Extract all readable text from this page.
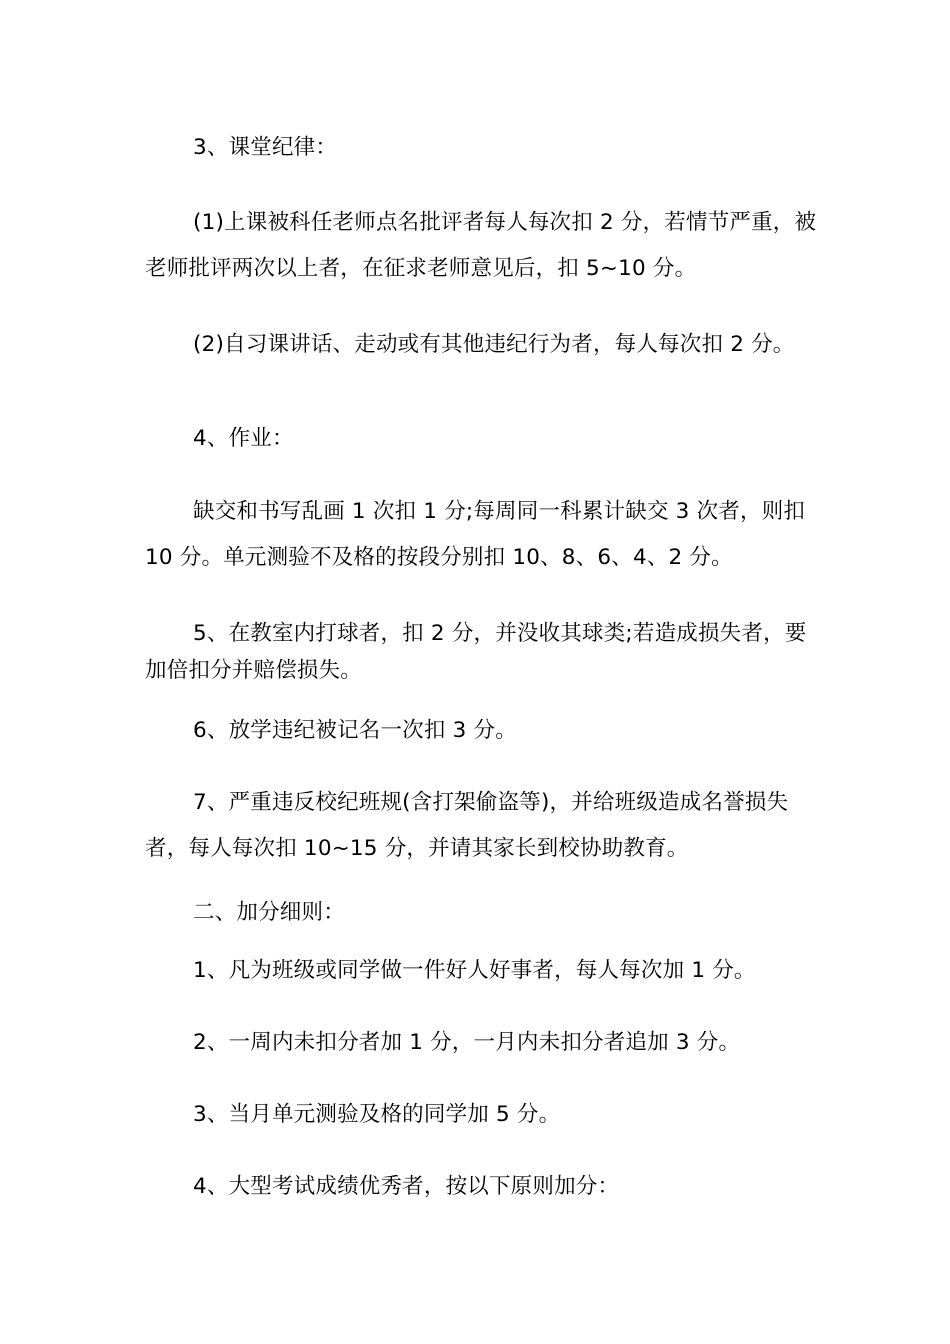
3、课堂纪律：

(1)上课被科任老师点名批评者每人每次扣 2 分，若情节严重，被老师批评两次以上者，在征求老师意见后，扣 5~10 分。

(2)自习课讲话、走动或有其他违纪行为者，每人每次扣 2 分。

4、作业：

缺交和书写乱画 1 次扣 1 分;每周同一科累计缺交 3 次者，则扣 10 分。单元测验不及格的按段分别扣 10、8、6、4、2 分。

5、在教室内打球者，扣 2 分，并没收其球类;若造成损失者，要加倍扣分并赔偿损失。

6、放学违纪被记名一次扣 3 分。

7、严重违反校纪班规(含打架偷盗等)，并给班级造成名誉损失者，每人每次扣 10~15 分，并请其家长到校协助教育。

二、加分细则：

1、凡为班级或同学做一件好人好事者，每人每次加 1 分。

2、一周内未扣分者加 1 分，一月内未扣分者追加 3 分。

3、当月单元测验及格的同学加 5 分。

4、大型考试成绩优秀者，按以下原则加分：
